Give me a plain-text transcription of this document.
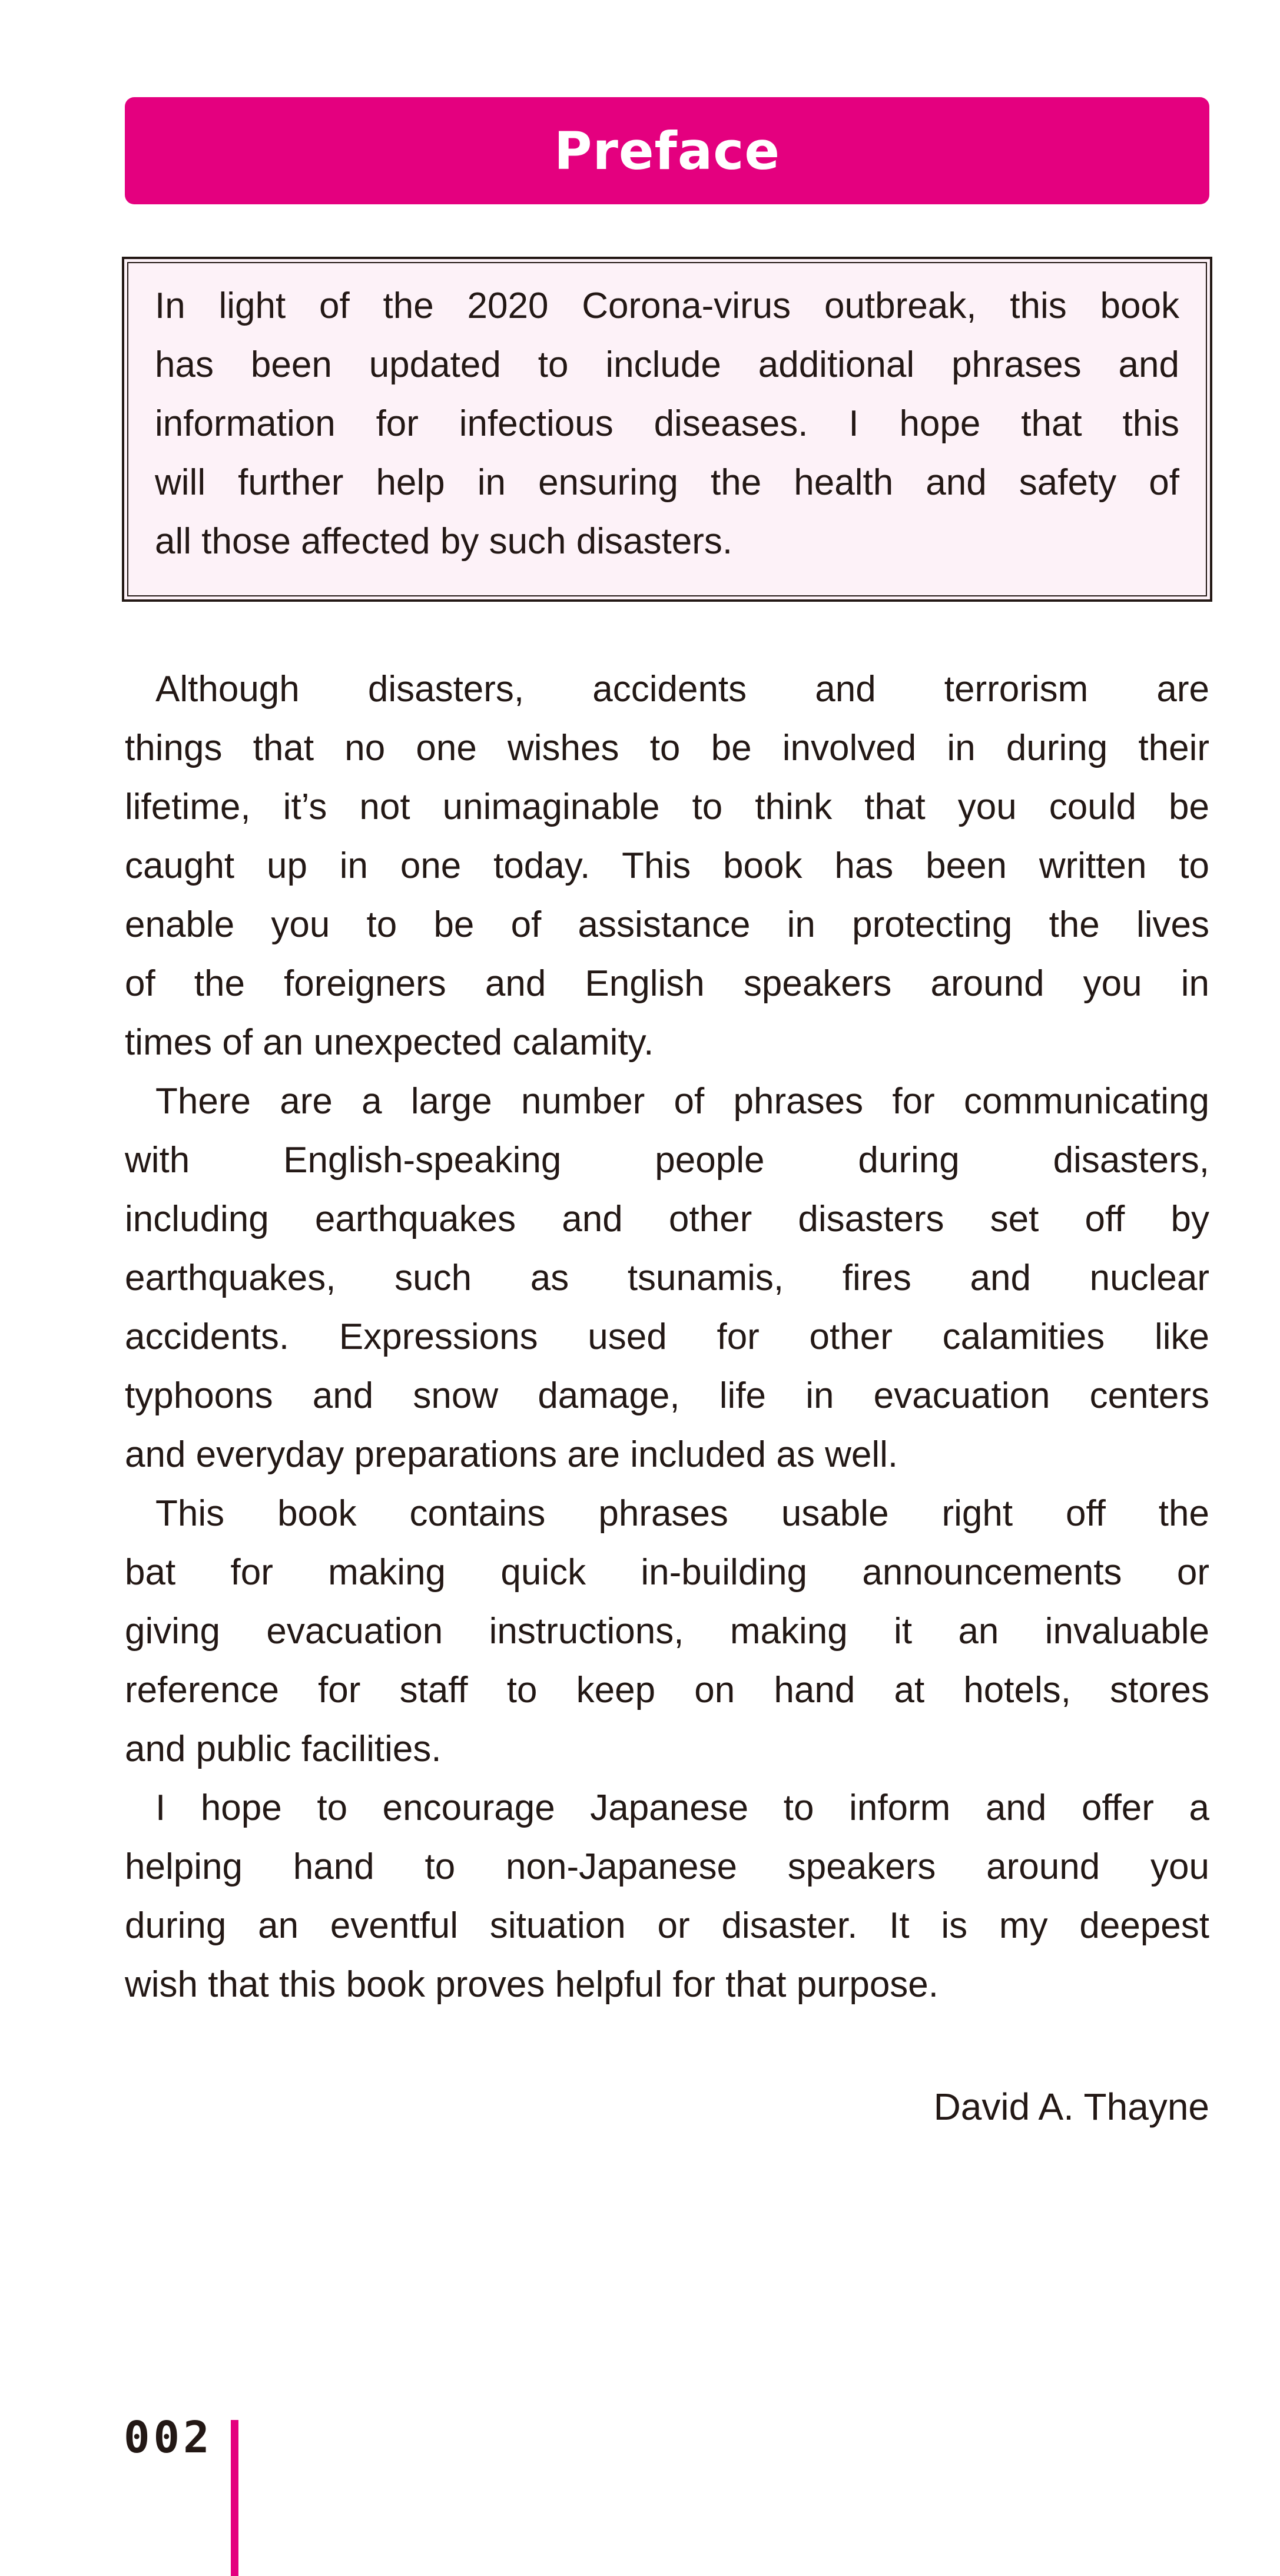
Preface
In light of the 2020 Corona-virus outbreak, this book
has been updated to include additional phrases and
information for infectious diseases. I hope that this
will further help in ensuring the health and safety of
all those affected by such disasters.
Although disasters, accidents and terrorism are
things that no one wishes to be involved in during their
lifetime, it’s not unimaginable to think that you could be
caught up in one today. This book has been written to
enable you to be of assistance in protecting the lives
of the foreigners and English speakers around you in
times of an unexpected calamity.
There are a large number of phrases for communicating
with English-speaking people during disasters,
including earthquakes and other disasters set off by
earthquakes, such as tsunamis, fires and nuclear
accidents. Expressions used for other calamities like
typhoons and snow damage, life in evacuation centers
and everyday preparations are included as well.
This book contains phrases usable right off the
bat for making quick in-building announcements or
giving evacuation instructions, making it an invaluable
reference for staff to keep on hand at hotels, stores
and public facilities.
I hope to encourage Japanese to inform and offer a
helping hand to non-Japanese speakers around you
during an eventful situation or disaster. It is my deepest
wish that this book proves helpful for that purpose.
David A. Thayne
002
